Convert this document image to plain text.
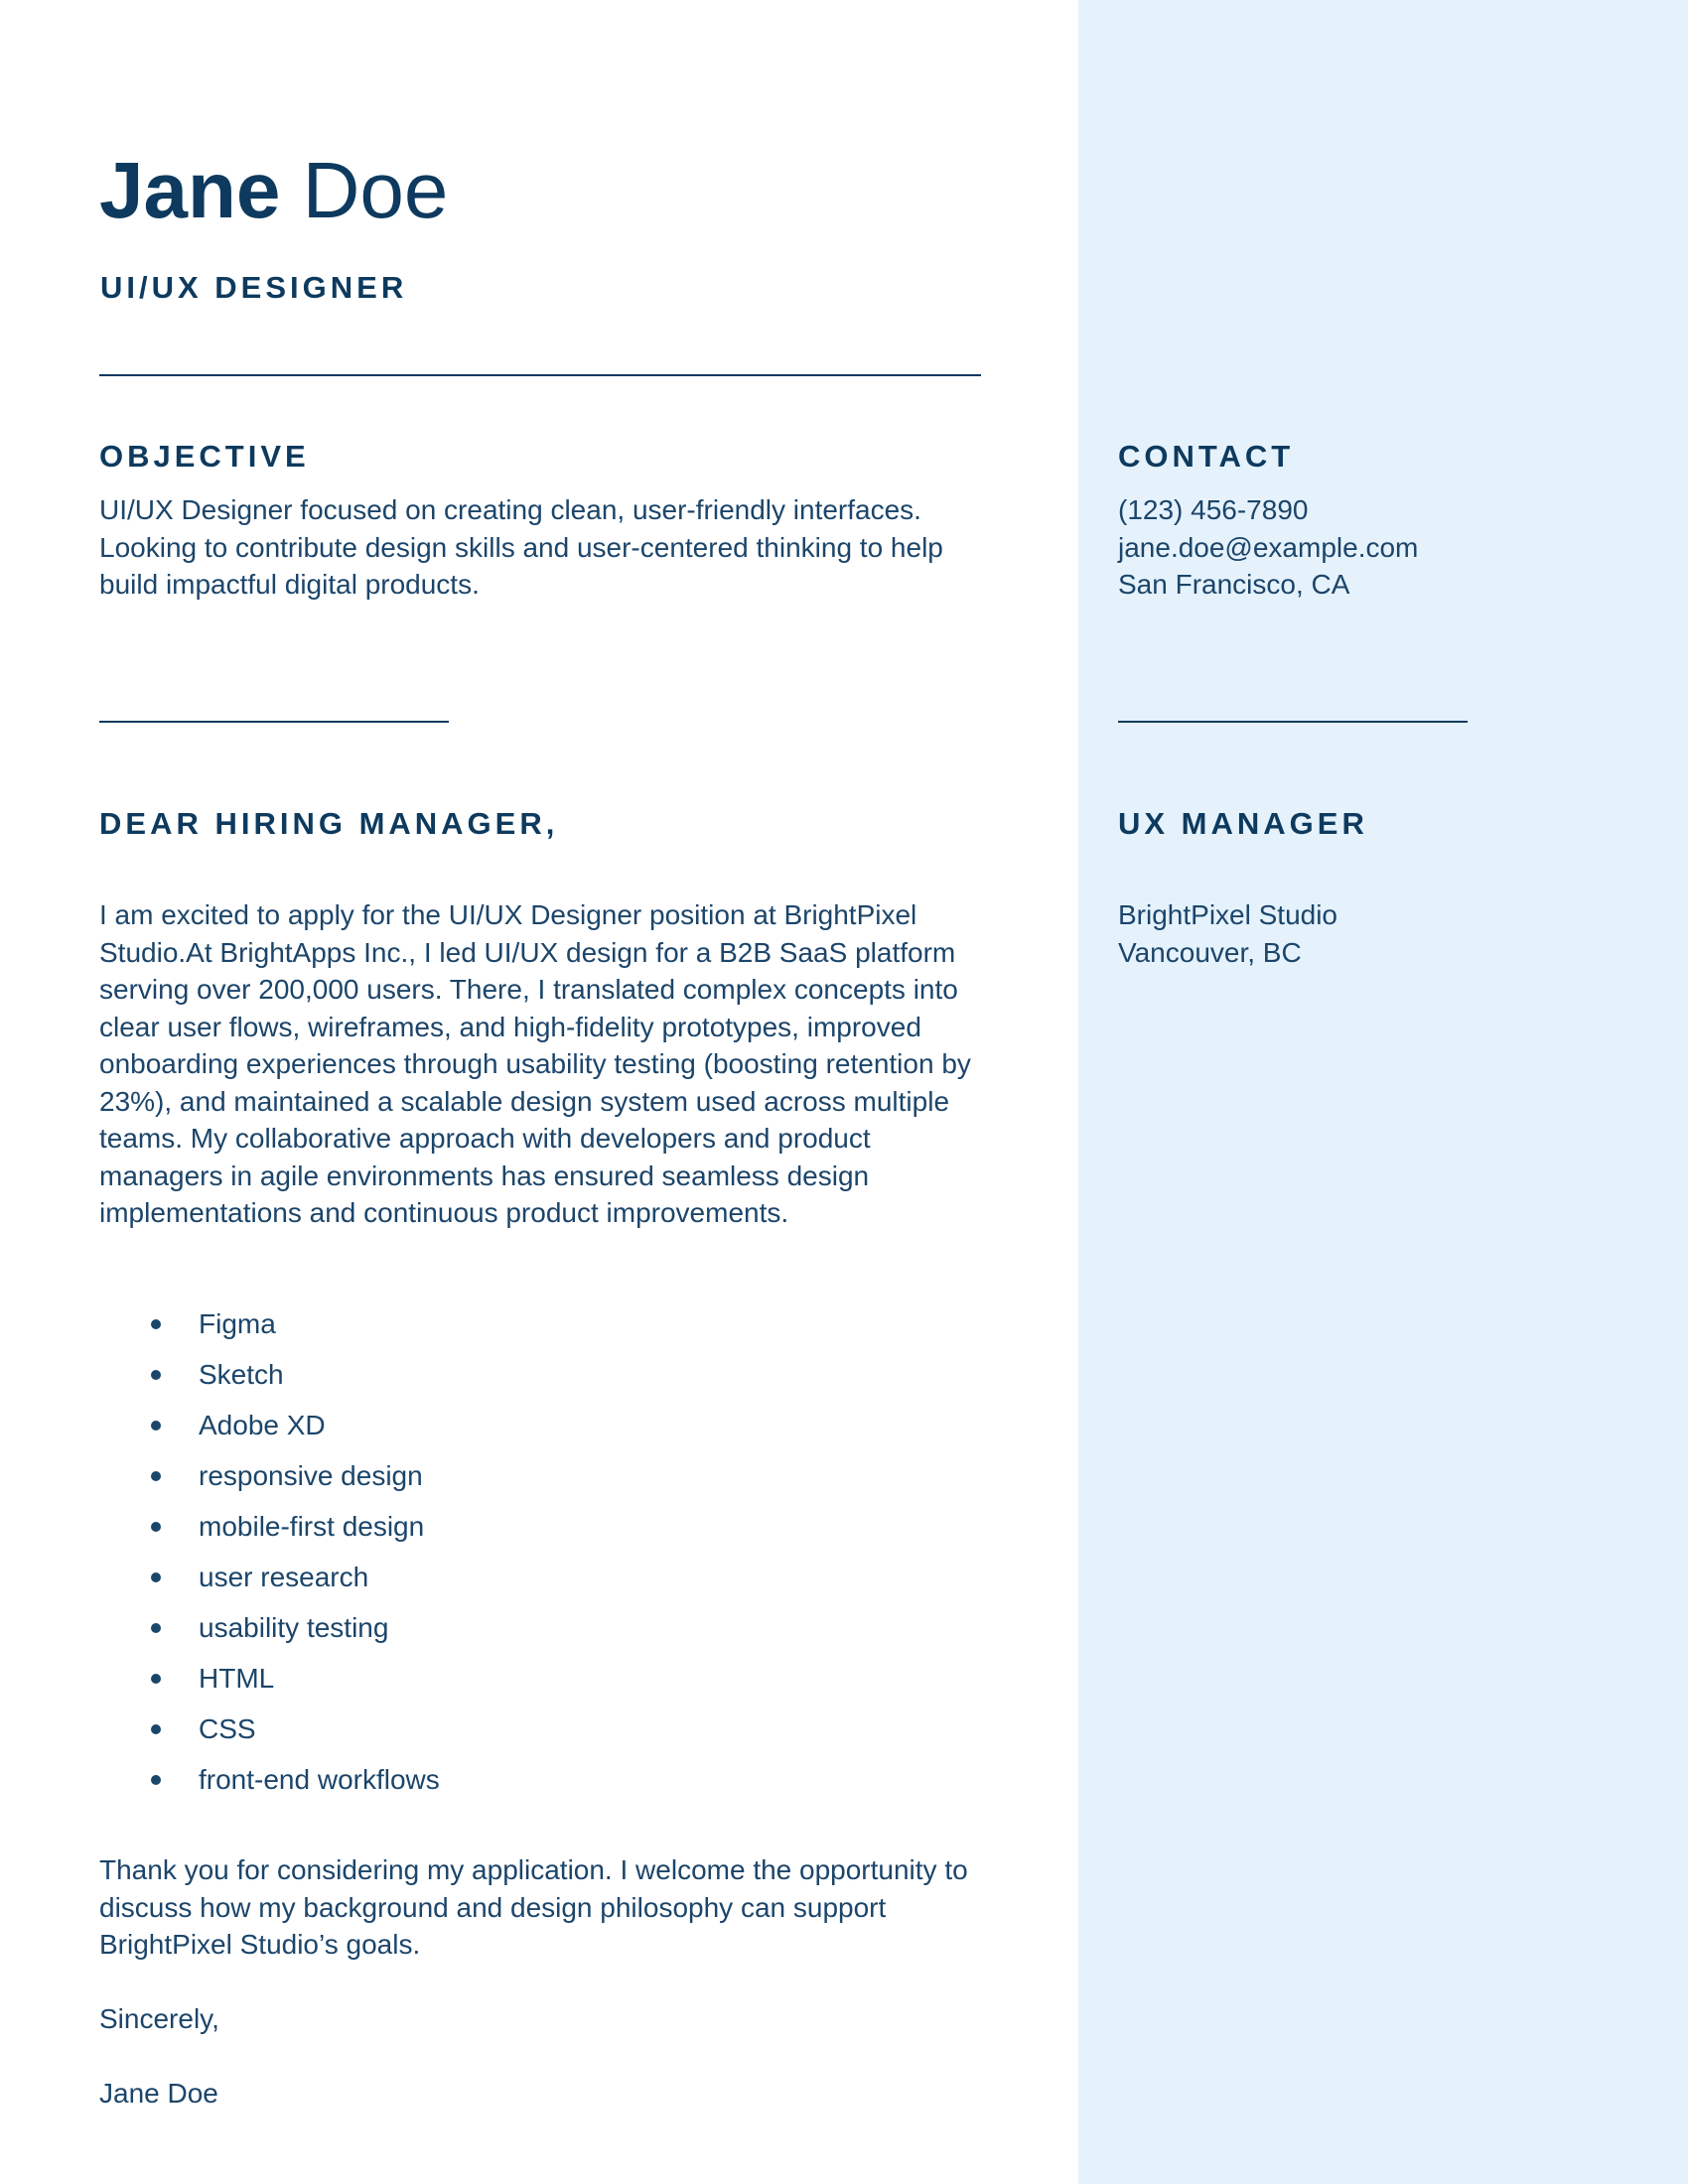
Jane Doe
UI/UX DESIGNER
OBJECTIVE

UI/UX Designer focused on creating clean, user-friendly interfaces. Looking to contribute design skills and user-centered thinking to help build impactful digital products.

CONTACT
(123) 456-7890
jane.doe@example.com
San Francisco, CA
DEAR HIRING MANAGER,

I am excited to apply for the UI/UX Designer position at BrightPixel Studio.At BrightApps Inc., I led UI/UX design for a B2B SaaS platform serving over 200,000 users. There, I translated complex concepts into clear user flows, wireframes, and high-fidelity prototypes, improved onboarding experiences through usability testing (boosting retention by 23%), and maintained a scalable design system used across multiple teams. My collaborative approach with developers and product managers in agile environments has ensured seamless design implementations and continuous product improvements.

Figma
Sketch
Adobe XD
responsive design
mobile-first design
user research
usability testing
HTML
CSS
front-end workflows

Thank you for considering my application. I welcome the opportunity to discuss how my background and design philosophy can support BrightPixel Studio’s goals.

Sincerely,
Jane Doe
UX MANAGER
BrightPixel Studio
Vancouver, BC
